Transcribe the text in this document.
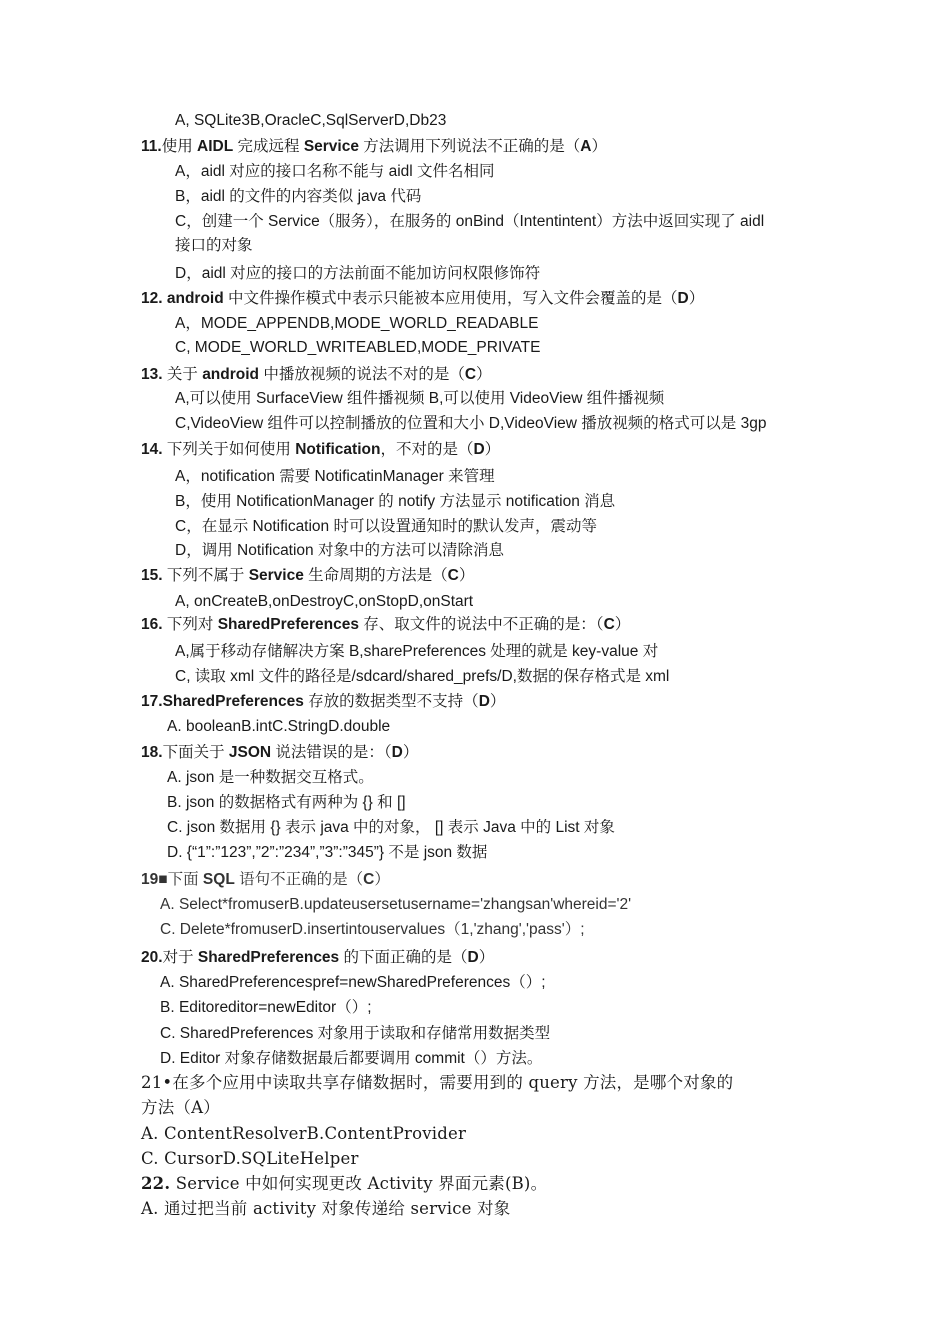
A, SQLite3B,OracleC,SqlServerD,Db23
11.使用 AIDL 完成远程 Service 方法调用下列说法不正确的是（A）
A，aidl 对应的接口名称不能与 aidl 文件名相同
B，aidl 的文件的内容类似 java 代码
C，创建一个 Service（服务），在服务的 onBind（Intentintent）方法中返回实现了 aidl
接口的对象
D，aidl 对应的接口的方法前面不能加访问权限修饰符
12. android 中文件操作模式中表示只能被本应用使用，写入文件会覆盖的是（D）
A，MODE_APPENDB,MODE_WORLD_READABLE
C, MODE_WORLD_WRITEABLED,MODE_PRIVATE
13. 关于 android 中播放视频的说法不对的是（C）
A,可以使用 SurfaceView 组件播视频 B,可以使用 VideoView 组件播视频
C,VideoView 组件可以控制播放的位置和大小 D,VideoView 播放视频的格式可以是 3gp
14. 下列关于如何使用 Notification，不对的是（D）
A，notification 需要 NotificatinManager 来管理
B，使用 NotificationManager 的 notify 方法显示 notification 消息
C，在显示 Notification 时可以设置通知时的默认发声，震动等
D，调用 Notification 对象中的方法可以清除消息
15. 下列不属于 Service 生命周期的方法是（C）
A, onCreateB,onDestroyC,onStopD,onStart
16. 下列对 SharedPreferences 存、取文件的说法中不正确的是：（C）
A,属于移动存储解决方案 B,sharePreferences 处理的就是 key-value 对
C, 读取 xml 文件的路径是/sdcard/shared_prefs/D,数据的保存格式是 xml
17.SharedPreferences 存放的数据类型不支持（D）
A. booleanB.intC.StringD.double
18.下面关于 JSON 说法错误的是：（D）
A. json 是一种数据交互格式。
B. json 的数据格式有两种为 {} 和 []
C. json 数据用 {} 表示 java 中的对象， [] 表示 Java 中的 List 对象
D. {“1”:”123”,”2”:”234”,”3”:”345”} 不是 json 数据
19■下面 SQL 语句不正确的是（C）
A. Select*fromuserB.updateusersetusername='zhangsan'whereid='2'
C. Delete*fromuserD.insertintouservalues（1,'zhang','pass'）;
20.对于 SharedPreferences 的下面正确的是（D）
A. SharedPreferencespref=newSharedPreferences（）;
B. Editoreditor=newEditor（）;
C. SharedPreferences 对象用于读取和存储常用数据类型
D. Editor 对象存储数据最后都要调用 commit（）方法。
21•在多个应用中读取共享存储数据时，需要用到的 query 方法，是哪个对象的
方法（A）
A. ContentResolverB.ContentProvider
C. CursorD.SQLiteHelper
22. Service 中如何实现更改 Activity 界面元素(B)。
A. 通过把当前 activity 对象传递给 service 对象
